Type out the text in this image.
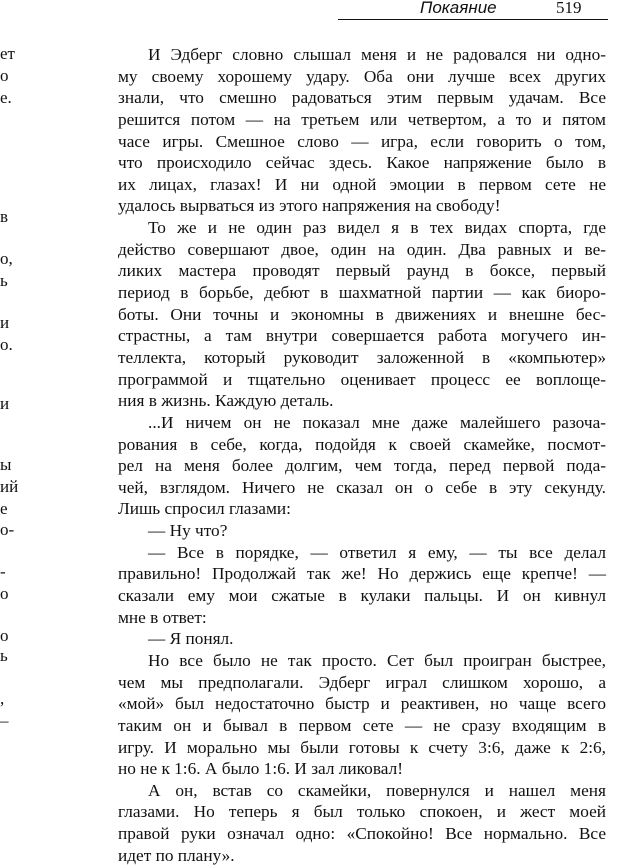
Покаяние	519
ет
о
е.
в
о,
ь
и
о.
и
ы
ий
е
о-
-
о
о
ь
,
–
И Эдберг словно слышал меня и не радовался ни одно-
му своему хорошему удару. Оба они лучше всех других
знали, что смешно радоваться этим первым удачам. Все
решится потом — на третьем или четвертом, а то и пятом
часе игры. Смешное слово — игра, если говорить о том,
что происходило сейчас здесь. Какое напряжение было в
их лицах, глазах! И ни одной эмоции в первом сете не
удалось вырваться из этого напряжения на свободу!
То же и не один раз видел я в тех видах спорта, где
действо совершают двое, один на один. Два равных и ве-
ликих мастера проводят первый раунд в боксе, первый
период в борьбе, дебют в шахматной партии — как биоро-
боты. Они точны и экономны в движениях и внешне бес-
страстны, а там внутри совершается работа могучего ин-
теллекта, который руководит заложенной в «компьютер»
программой и тщательно оценивает процесс ее воплоще-
ния в жизнь. Каждую деталь.
...И ничем он не показал мне даже малейшего разоча-
рования в себе, когда, подойдя к своей скамейке, посмот-
рел на меня более долгим, чем тогда, перед первой пода-
чей, взглядом. Ничего не сказал он о себе в эту секунду.
Лишь спросил глазами:
— Ну что?
— Все в порядке, — ответил я ему, — ты все делал
правильно! Продолжай так же! Но держись еще крепче! —
сказали ему мои сжатые в кулаки пальцы. И он кивнул
мне в ответ:
— Я понял.
Но все было не так просто. Сет был проигран быстрее,
чем мы предполагали. Эдберг играл слишком хорошо, а
«мой» был недостаточно быстр и реактивен, но чаще всего
таким он и бывал в первом сете — не сразу входящим в
игру. И морально мы были готовы к счету 3:6, даже к 2:6,
но не к 1:6. А было 1:6. И зал ликовал!
А он, встав со скамейки, повернулся и нашел меня
глазами. Но теперь я был только спокоен, и жест моей
правой руки означал одно: «Спокойно! Все нормально. Все
идет по плану».
